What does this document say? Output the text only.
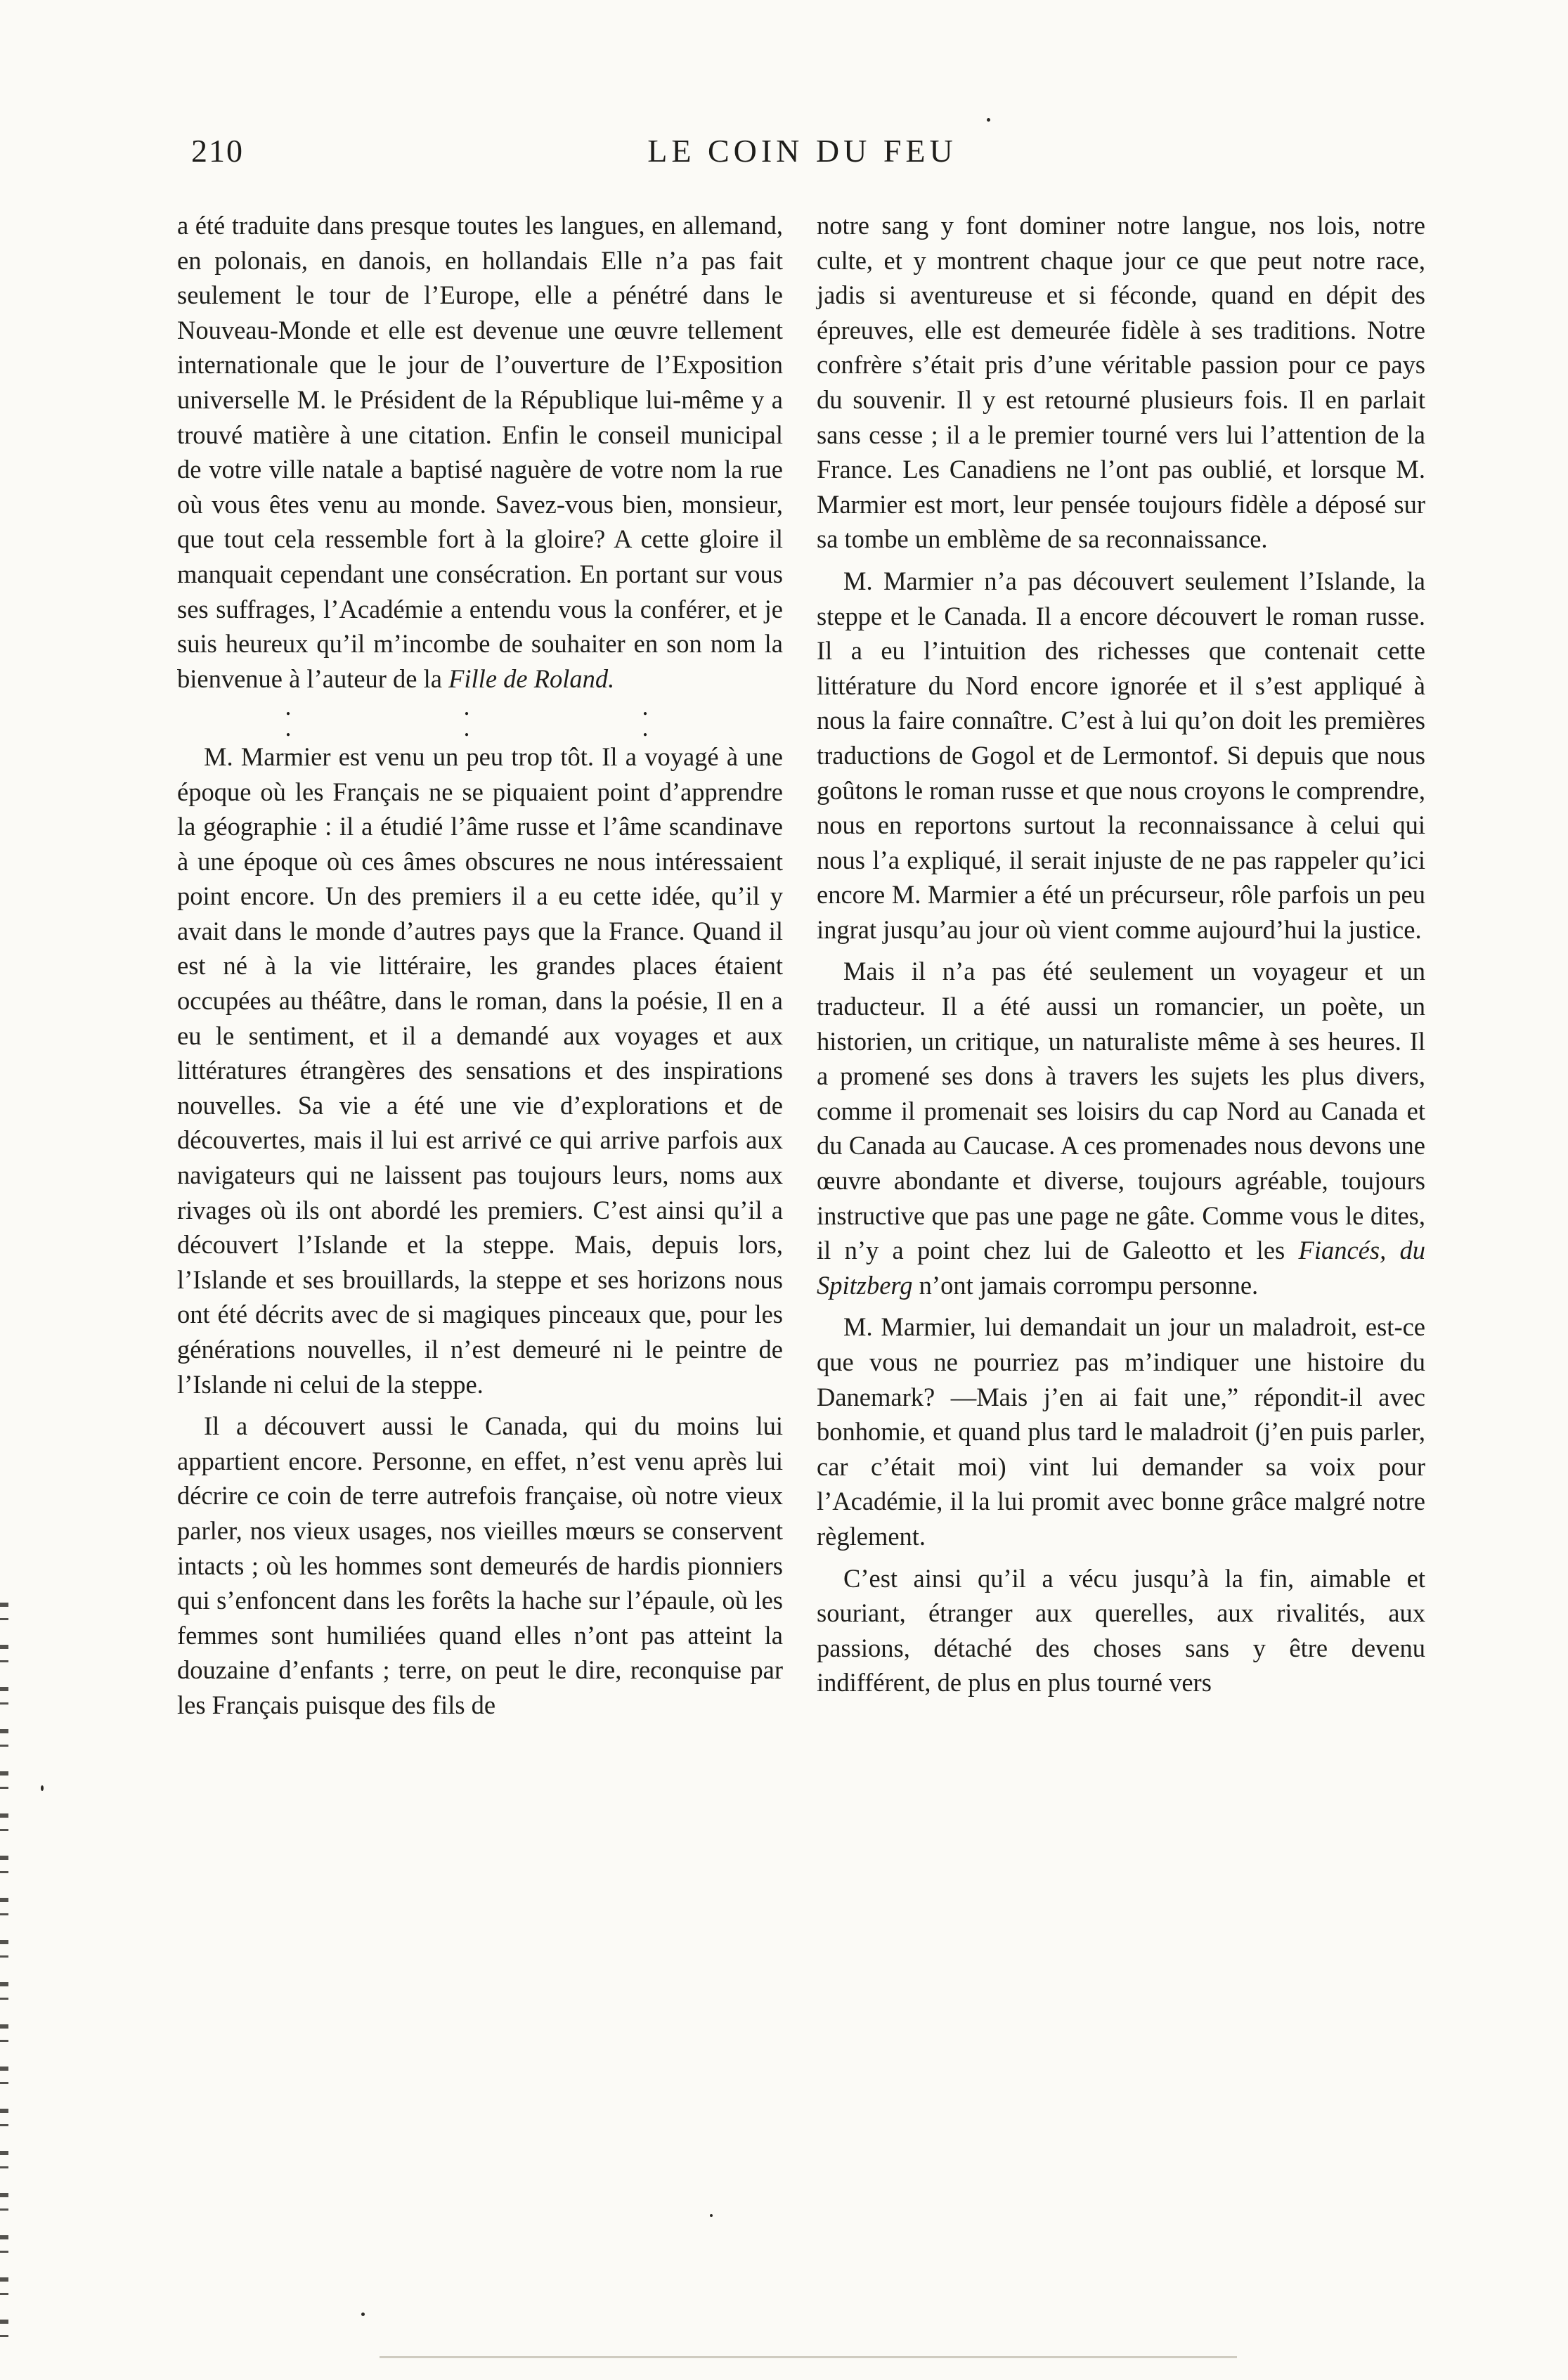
210	LE COIN DU FEU

a été traduite dans presque toutes les langues, en allemand, en polonais, en danois, en hollandais Elle n’a pas fait seulement le tour de l’Europe, elle a pénétré dans le Nouveau-Monde et elle est devenue une œuvre tellement internationale que le jour de l’ouverture de l’Exposition universelle M. le Président de la République lui-même y a trouvé matière à une citation. Enfin le conseil municipal de votre ville natale a baptisé naguère de votre nom la rue où vous êtes venu au monde. Savez-vous bien, monsieur, que tout cela ressemble fort à la gloire? A cette gloire il manquait cependant une consécration. En portant sur vous ses suffrages, l’Académie a entendu vous la conférer, et je suis heureux qu’il m’incombe de souhaiter en son nom la bienvenue à l’auteur de la Fille de Roland.

. . . . . .

M. Marmier est venu un peu trop tôt. Il a voyagé à une époque où les Français ne se piquaient point d’apprendre la géographie : il a étudié l’âme russe et l’âme scandinave à une époque où ces âmes obscures ne nous intéressaient point encore. Un des premiers il a eu cette idée, qu’il y avait dans le monde d’autres pays que la France. Quand il est né à la vie littéraire, les grandes places étaient occupées au théâtre, dans le roman, dans la poésie, Il en a eu le sentiment, et il a demandé aux voyages et aux littératures étrangères des sensations et des inspirations nouvelles. Sa vie a été une vie d’explorations et de découvertes, mais il lui est arrivé ce qui arrive parfois aux navigateurs qui ne laissent pas toujours leurs, noms aux rivages où ils ont abordé les premiers. C’est ainsi qu’il a découvert l’Islande et la steppe. Mais, depuis lors, l’Islande et ses brouillards, la steppe et ses horizons nous ont été décrits avec de si magiques pinceaux que, pour les générations nouvelles, il n’est demeuré ni le peintre de l’Islande ni celui de la steppe.

Il a découvert aussi le Canada, qui du moins lui appartient encore. Personne, en effet, n’est venu après lui décrire ce coin de terre autrefois française, où notre vieux parler, nos vieux usages, nos vieilles mœurs se conservent intacts ; où les hommes sont demeurés de hardis pionniers qui s’enfoncent dans les forêts la hache sur l’épaule, où les femmes sont humiliées quand elles n’ont pas atteint la douzaine d’enfants ; terre, on peut le dire, reconquise par les Français puisque des fils de

notre sang y font dominer notre langue, nos lois, notre culte, et y montrent chaque jour ce que peut notre race, jadis si aventureuse et si féconde, quand en dépit des épreuves, elle est demeurée fidèle à ses traditions. Notre confrère s’était pris d’une véritable passion pour ce pays du souvenir. Il y est retourné plusieurs fois. Il en parlait sans cesse ; il a le premier tourné vers lui l’attention de la France. Les Canadiens ne l’ont pas oublié, et lorsque M. Marmier est mort, leur pensée toujours fidèle a déposé sur sa tombe un emblème de sa reconnaissance.

M. Marmier n’a pas découvert seulement l’Islande, la steppe et le Canada. Il a encore découvert le roman russe. Il a eu l’intuition des richesses que contenait cette littérature du Nord encore ignorée et il s’est appliqué à nous la faire connaître. C’est à lui qu’on doit les premières traductions de Gogol et de Lermontof. Si depuis que nous goûtons le roman russe et que nous croyons le comprendre, nous en reportons surtout la reconnaissance à celui qui nous l’a expliqué, il serait injuste de ne pas rappeler qu’ici encore M. Marmier a été un précurseur, rôle parfois un peu ingrat jusqu’au jour où vient comme aujourd’hui la justice.

Mais il n’a pas été seulement un voyageur et un traducteur. Il a été aussi un romancier, un poète, un historien, un critique, un naturaliste même à ses heures. Il a promené ses dons à travers les sujets les plus divers, comme il promenait ses loisirs du cap Nord au Canada et du Canada au Caucase. A ces promenades nous devons une œuvre abondante et diverse, toujours agréable, toujours instructive que pas une page ne gâte. Comme vous le dites, il n’y a point chez lui de Galeotto et les Fiancés, du Spitzberg n’ont jamais corrompu personne.

M. Marmier, lui demandait un jour un maladroit, est-ce que vous ne pourriez pas m’indiquer une histoire du Danemark? —Mais j’en ai fait une,” répondit-il avec bonhomie, et quand plus tard le maladroit (j’en puis parler, car c’était moi) vint lui demander sa voix pour l’Académie, il la lui promit avec bonne grâce malgré notre règlement.

C’est ainsi qu’il a vécu jusqu’à la fin, aimable et souriant, étranger aux querelles, aux rivalités, aux passions, détaché des choses sans y être devenu indifférent, de plus en plus tourné vers
